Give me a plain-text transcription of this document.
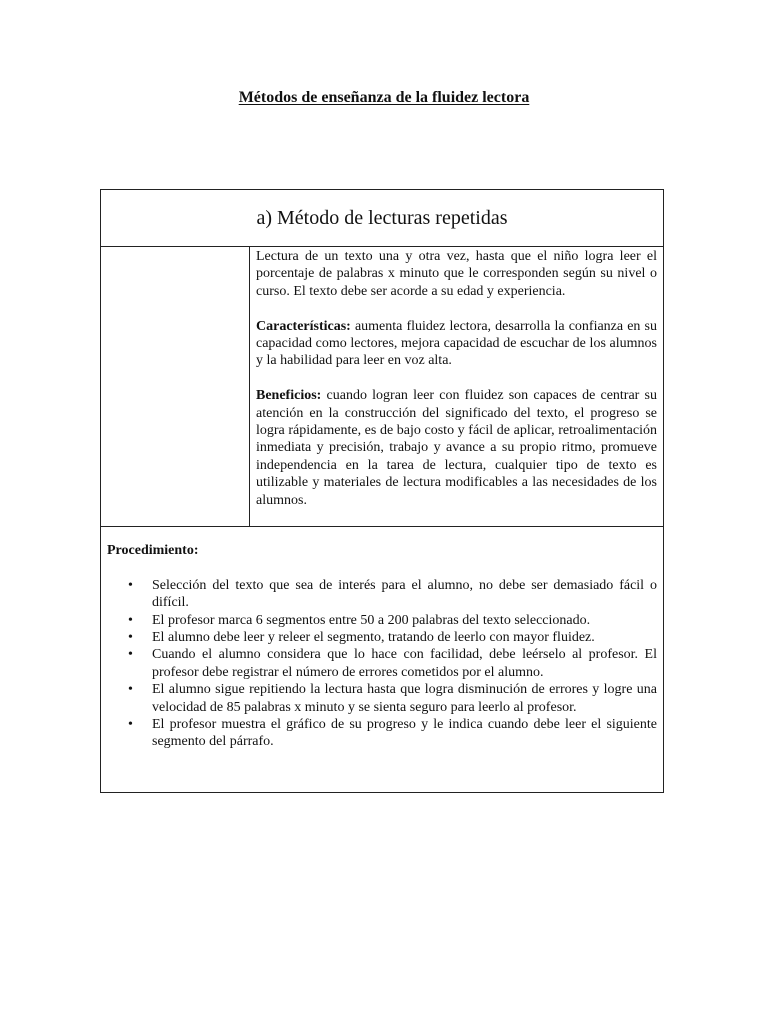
Métodos de enseñanza de la fluidez lectora
a) Método de lecturas repetidas

Lectura de un texto una y otra vez, hasta que el niño logra leer el porcentaje de palabras x minuto que le corresponden según su nivel o curso. El texto debe ser acorde a su edad y experiencia.

Características: aumenta fluidez lectora, desarrolla la confianza en su capacidad como lectores, mejora capacidad de escuchar de los alumnos y la habilidad para leer en voz alta.

Beneficios: cuando logran leer con fluidez son capaces de centrar su atención en la construcción del significado del texto, el progreso se logra rápidamente, es de bajo costo y fácil de aplicar, retroalimentación inmediata y precisión, trabajo y avance a su propio ritmo, promueve independencia en la tarea de lectura, cualquier tipo de texto es utilizable y materiales de lectura modificables a las necesidades de los alumnos.

Procedimiento:
• Selección del texto que sea de interés para el alumno, no debe ser demasiado fácil o difícil.
• El profesor marca 6 segmentos entre 50 a 200 palabras del texto seleccionado.
• El alumno debe leer y releer el segmento, tratando de leerlo con mayor fluidez.
• Cuando el alumno considera que lo hace con facilidad, debe leérselo al profesor. El profesor debe registrar el número de errores cometidos por el alumno.
• El alumno sigue repitiendo la lectura hasta que logra disminución de errores y logre una velocidad de 85 palabras x minuto y se sienta seguro para leerlo al profesor.
• El profesor muestra el gráfico de su progreso y le indica cuando debe leer el siguiente segmento del párrafo.
